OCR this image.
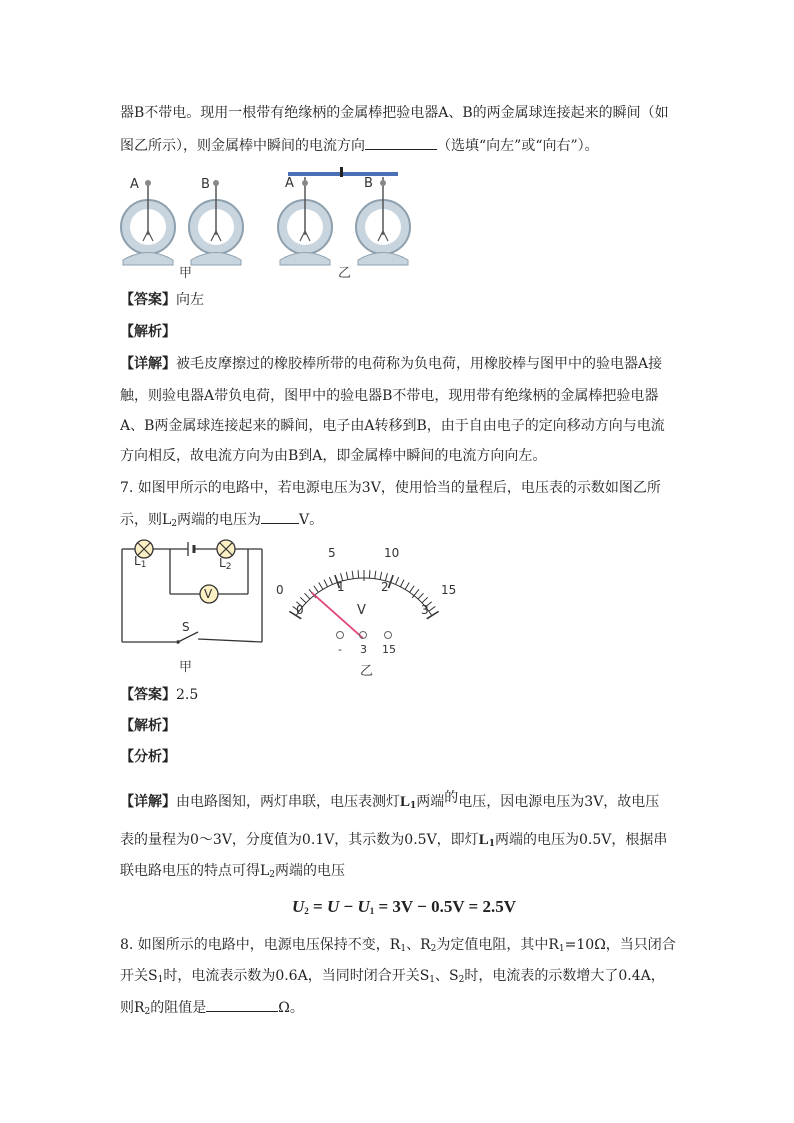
器B不带电。现用一根带有绝缘柄的金属棒把验电器A、B的两金属球连接起来的瞬间（如
图乙所示），则金属棒中瞬间的电流方向	（选填“向左”或“向右”）。
A	B	A	B
甲	乙
【答案】向左
【解析】
【详解】被毛皮摩擦过的橡胶棒所带的电荷称为负电荷，用橡胶棒与图甲中的验电器A接
触，则验电器A带负电荷，图甲中的验电器B不带电，现用带有绝缘柄的金属棒把验电器
A、B两金属球连接起来的瞬间，电子由A转移到B，由于自由电子的定向移动方向与电流
方向相反，故电流方向为由B到A，即金属棒中瞬间的电流方向向左。
7. 如图甲所示的电路中，若电源电压为3V，使用恰当的量程后，电压表的示数如图乙所
示，则$L_2$两端的电压为	V。
$L_1$	$L_2$
V
S
甲
0
5	10
15
0
1	2
3
V
- 3 15
乙
【答案】2.5
【解析】
【分析】
【详解】由电路图知，两灯串联，电压表测灯$L_1$两端的电压，因电源电压为3V，故电压
表的量程为0～3V，分度值为0.1V，其示数为0.5V，即灯$L_1$两端的电压为0.5V，根据串
联电路电压的特点可得$L_2$两端的电压
$U_2 = U - U_1 = 3V - 0.5V = 2.5V$
8. 如图所示的电路中，电源电压保持不变，$R_1$、$R_2$为定值电阻，其中$R_1=10\Omega$，当只闭合
开关$S_1$时，电流表示数为0.6A，当同时闭合开关$S_1$、$S_2$时，电流表的示数增大了0.4A，
则$R_2$的阻值是	Ω。
